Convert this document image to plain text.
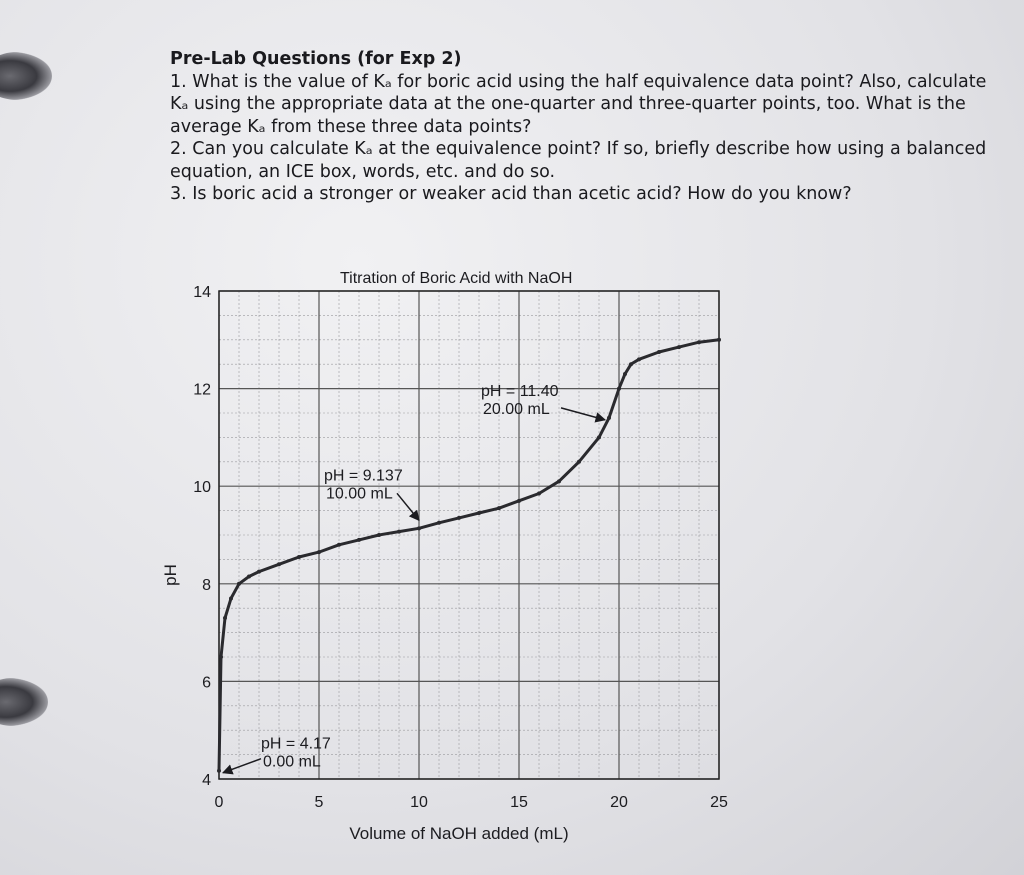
Pre-Lab Questions (for Exp 2)

1. What is the value of Kₐ for boric acid using the half equivalence data point? Also, calculate Kₐ using the appropriate data at the one-quarter and three-quarter points, too. What is the average Kₐ from these three data points?

2. Can you calculate Kₐ at the equivalence point? If so, briefly describe how using a balanced equation, an ICE box, words, etc. and do so.

3. Is boric acid a stronger or weaker acid than acetic acid? How do you know?

Titration of Boric Acid with NaOH
4
6
8
10
12
14
0	5	10	15	20	25
pH
Volume of NaOH added (mL)
pH = 4.17
0.00 mL
pH = 9.137
10.00 mL
pH = 11.40
20.00 mL
